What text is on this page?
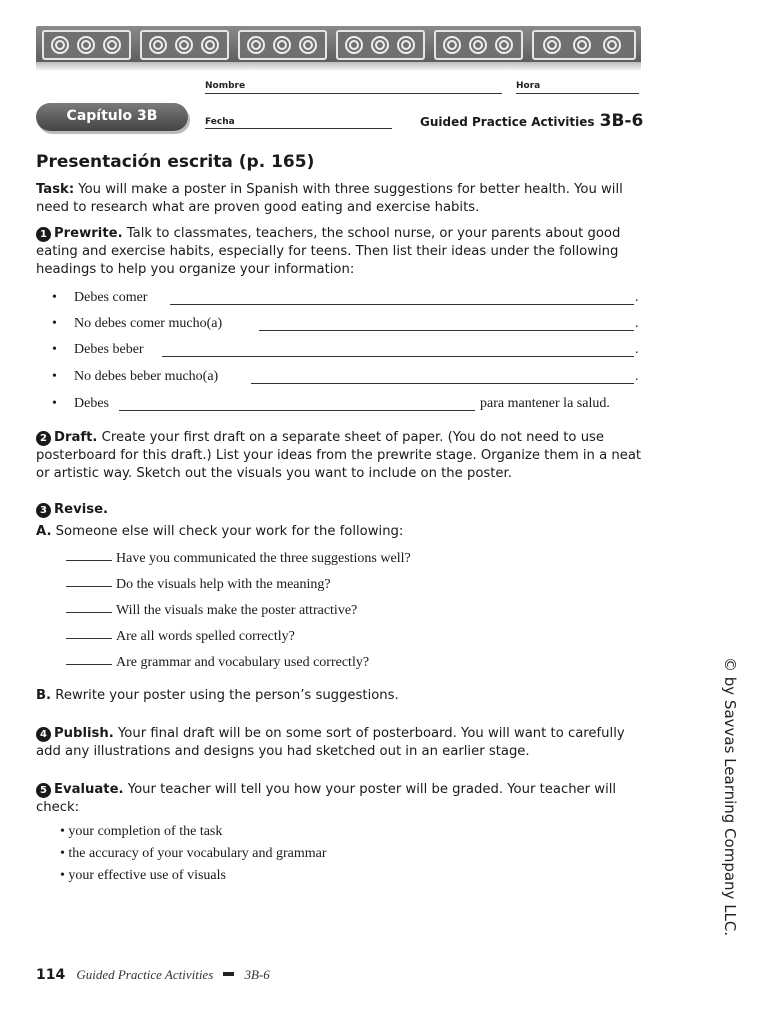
Nombre	Hora
Capítulo 3B	Fecha	Guided Practice Activities 3B-6
Presentación escrita (p. 165)
Task: You will make a poster in Spanish with three suggestions for better health. You will need to research what are proven good eating and exercise habits.
1 Prewrite. Talk to classmates, teachers, the school nurse, or your parents about good eating and exercise habits, especially for teens. Then list their ideas under the following headings to help you organize your information:
• Debes comer	.
• No debes comer mucho(a)	.
• Debes beber	.
• No debes beber mucho(a)	.
• Debes	para mantener la salud.
2 Draft. Create your first draft on a separate sheet of paper. (You do not need to use posterboard for this draft.) List your ideas from the prewrite stage. Organize them in a neat or artistic way. Sketch out the visuals you want to include on the poster.
3 Revise.
A. Someone else will check your work for the following:
Have you communicated the three suggestions well?
Do the visuals help with the meaning?
Will the visuals make the poster attractive?
Are all words spelled correctly?
Are grammar and vocabulary used correctly?
B. Rewrite your poster using the person’s suggestions.
4 Publish. Your final draft will be on some sort of posterboard. You will want to carefully add any illustrations and designs you had sketched out in an earlier stage.
5 Evaluate. Your teacher will tell you how your poster will be graded. Your teacher will check:
• your completion of the task
• the accuracy of your vocabulary and grammar
• your effective use of visuals	© by Savvas Learning Company LLC.
114 Guided Practice Activities 3B-6
